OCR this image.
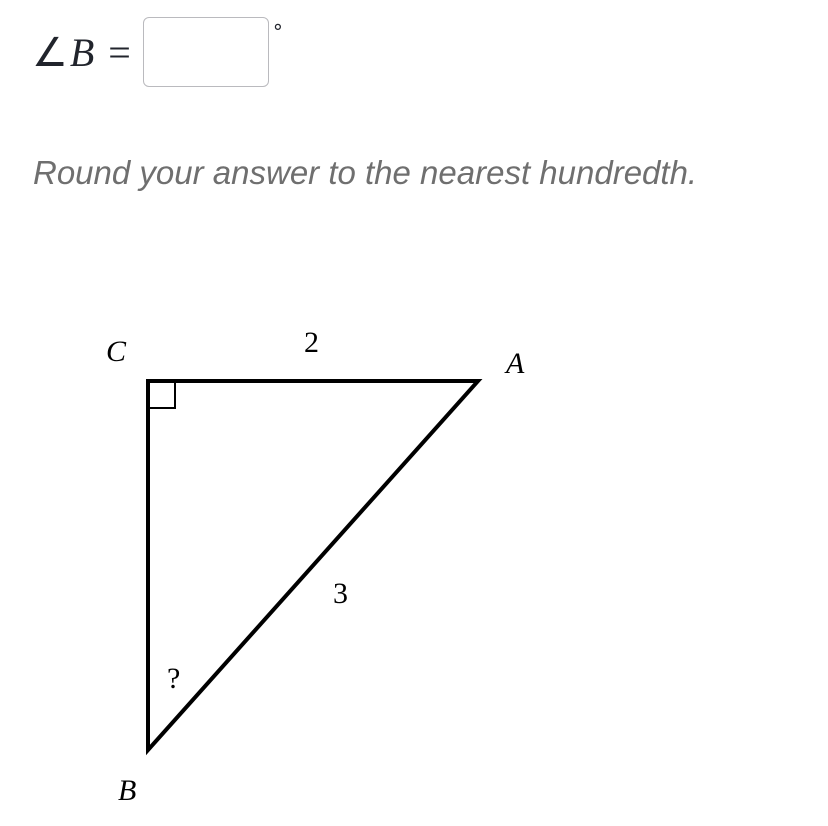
∠ B =	°

Round your answer to the nearest hundredth.

C	A
B
2
3
?
